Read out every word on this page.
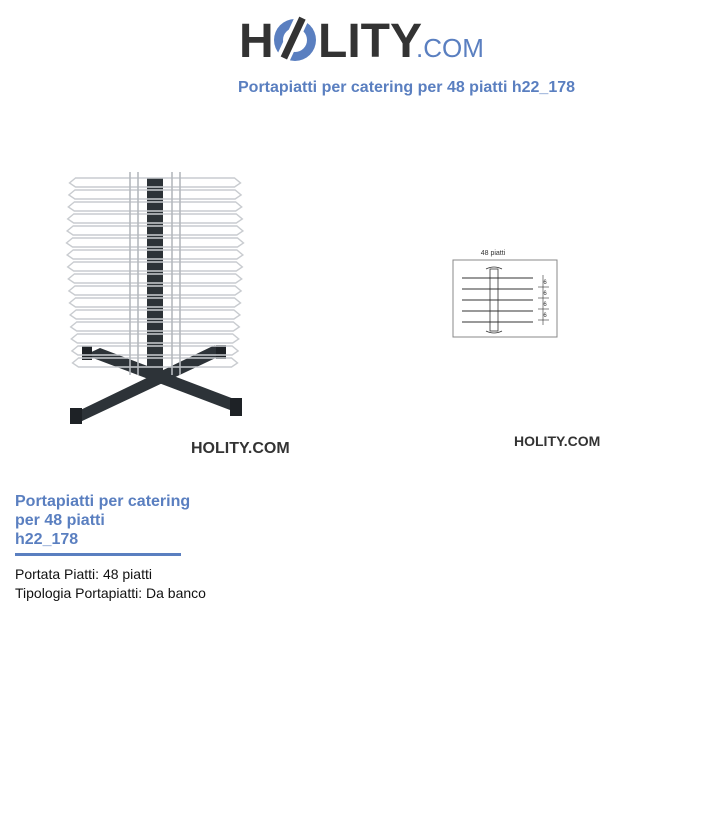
H LITY
.COM
Portapiatti per catering per 48 piatti h22_178
48 piatti
6
6
6
6
HOLITY.COM	HOLITY.COM
Portapiatti per catering
per 48 piatti
h22_178
Portata Piatti: 48 piatti
Tipologia Portapiatti: Da banco
